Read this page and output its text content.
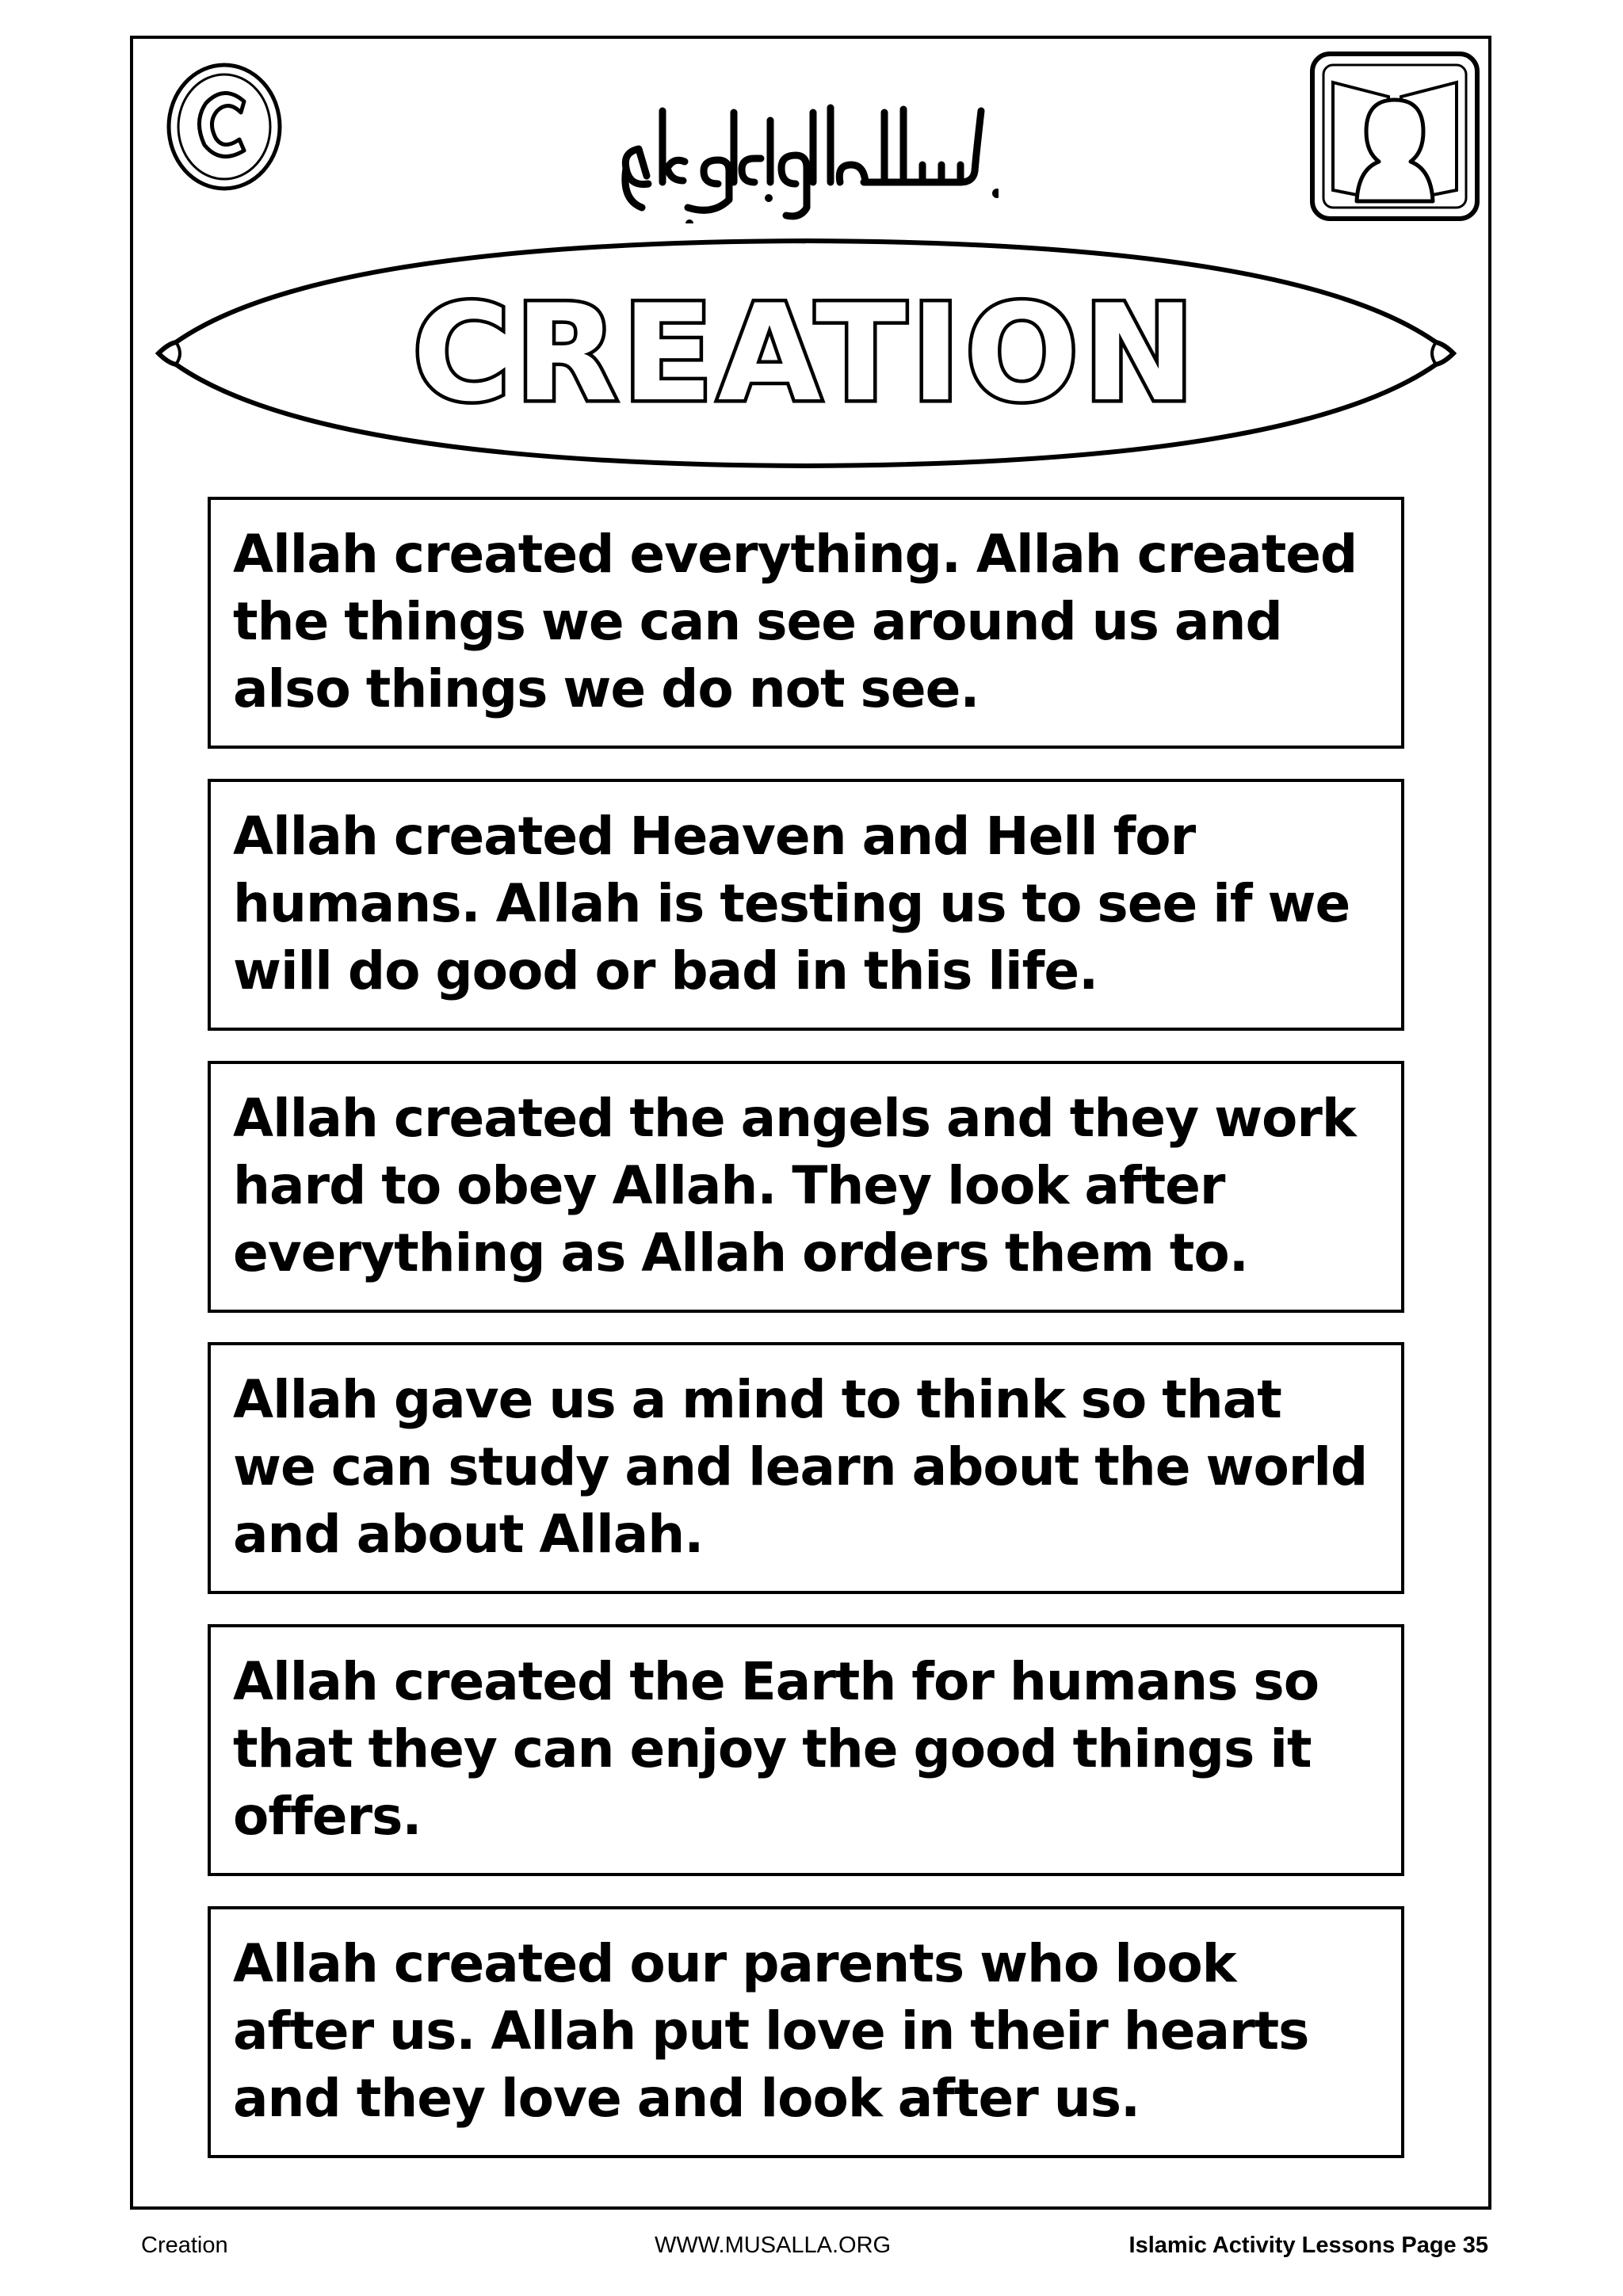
CREATION
Allah created everything. Allah created the things we can see around us and also things we do not see.
Allah created Heaven and Hell for humans. Allah is testing us to see if we will do good or bad in this life.
Allah created the angels and they work hard to obey Allah. They look after everything as Allah orders them to.
Allah gave us a mind to think so that we can study and learn about the world and about Allah.
Allah created the Earth for humans so that they can enjoy the good things it offers.
Allah created our parents who look after us. Allah put love in their hearts and they love and look after us.
Creation	WWW.MUSALLA.ORG	Islamic Activity Lessons Page 35
